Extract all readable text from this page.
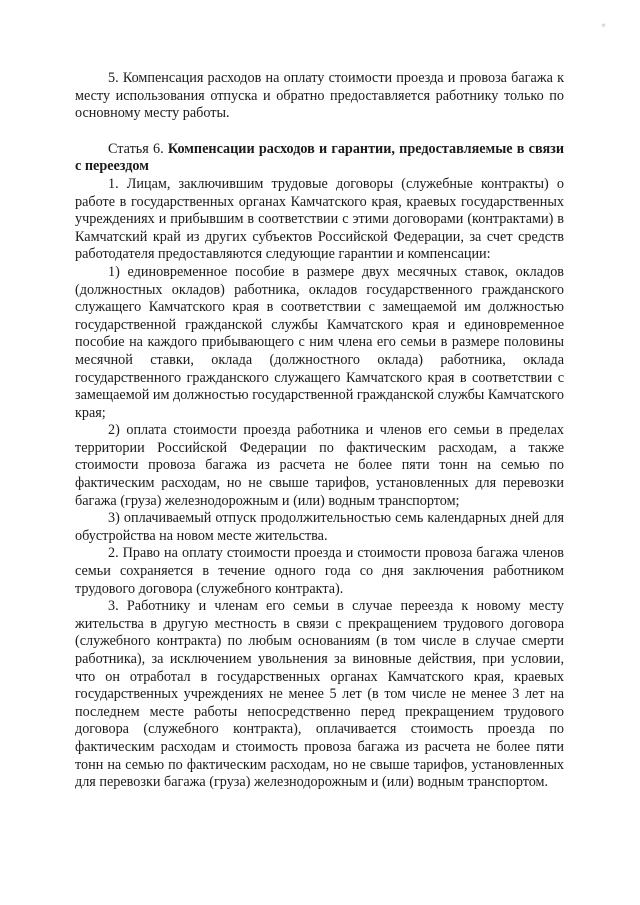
*

5. Компенсация расходов на оплату стоимости проезда и провоза багажа к месту использования отпуска и обратно предоставляется работнику только по основному месту работы.

Статья 6. Компенсации расходов и гарантии, предоставляемые в связи с переездом

1. Лицам, заключившим трудовые договоры (служебные контракты) о работе в государственных органах Камчатского края, краевых государственных учреждениях и прибывшим в соответствии с этими договорами (контрактами) в Камчатский край из других субъектов Российской Федерации, за счет средств работодателя предоставляются следующие гарантии и компенсации:

1) единовременное пособие в размере двух месячных ставок, окладов (должностных окладов) работника, окладов государственного гражданского служащего Камчатского края в соответствии с замещаемой им должностью государственной гражданской службы Камчатского края и единовременное пособие на каждого прибывающего с ним члена его семьи в размере половины месячной ставки, оклада (должностного оклада) работника, оклада государственного гражданского служащего Камчатского края в соответствии с замещаемой им должностью государственной гражданской службы Камчатского края;

2) оплата стоимости проезда работника и членов его семьи в пределах территории Российской Федерации по фактическим расходам, а также стоимости провоза багажа из расчета не более пяти тонн на семью по фактическим расходам, но не свыше тарифов, установленных для перевозки багажа (груза) железнодорожным и (или) водным транспортом;

3) оплачиваемый отпуск продолжительностью семь календарных дней для обустройства на новом месте жительства.

2. Право на оплату стоимости проезда и стоимости провоза багажа членов семьи сохраняется в течение одного года со дня заключения работником трудового договора (служебного контракта).

3. Работнику и членам его семьи в случае переезда к новому месту жительства в другую местность в связи с прекращением трудового договора (служебного контракта) по любым основаниям (в том числе в случае смерти работника), за исключением увольнения за виновные действия, при условии, что он отработал в государственных органах Камчатского края, краевых государственных учреждениях не менее 5 лет (в том числе не менее 3 лет на последнем месте работы непосредственно перед прекращением трудового договора (служебного контракта), оплачивается стоимость проезда по фактическим расходам и стоимость провоза багажа из расчета не более пяти тонн на семью по фактическим расходам, но не свыше тарифов, установленных для перевозки багажа (груза) железнодорожным и (или) водным транспортом.
